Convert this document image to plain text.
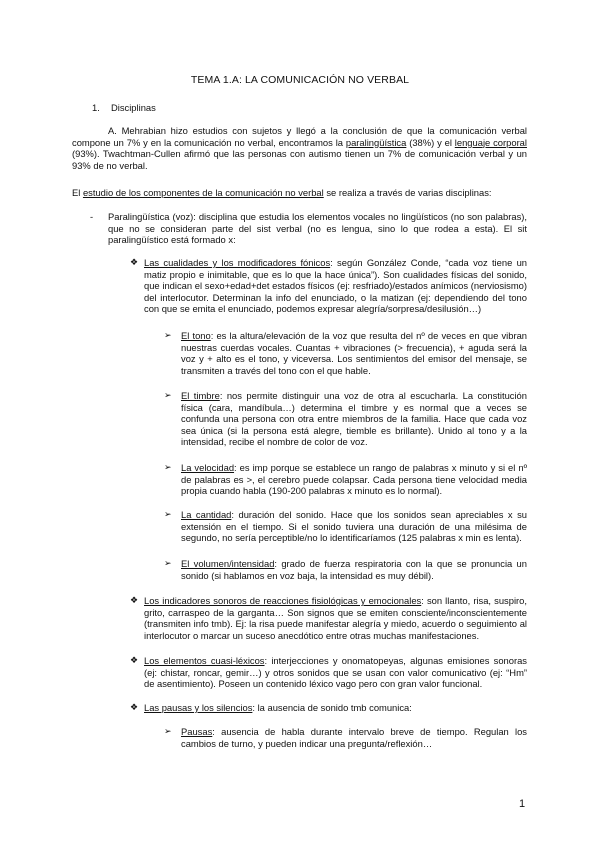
TEMA 1.A: LA COMUNICACIÓN NO VERBAL
1. Disciplinas
A. Mehrabian hizo estudios con sujetos y llegó a la conclusión de que la comunicación verbal compone un 7% y en la comunicación no verbal, encontramos la paralingüística (38%) y el lenguaje corporal (93%). Twachtman-Cullen afirmó que las personas con autismo tienen un 7% de comunicación verbal y un 93% de no verbal.
El estudio de los componentes de la comunicación no verbal se realiza a través de varias disciplinas:
- Paralingüística (voz): disciplina que estudia los elementos vocales no lingüísticos (no son palabras), que no se consideran parte del sist verbal (no es lengua, sino lo que rodea a esta). El sit paralingüístico está formado x:
❖ Las cualidades y los modificadores fónicos: según González Conde, “cada voz tiene un matiz propio e inimitable, que es lo que la hace única”). Son cualidades físicas del sonido, que indican el sexo+edad+det estados físicos (ej: resfriado)/estados anímicos (nerviosismo) del interlocutor. Determinan la info del enunciado, o la matizan (ej: dependiendo del tono con que se emita el enunciado, podemos expresar alegría/sorpresa/desilusión…)
➢ El tono: es la altura/elevación de la voz que resulta del nº de veces en que vibran nuestras cuerdas vocales. Cuantas + vibraciones (> frecuencia), + aguda será la voz y + alto es el tono, y viceversa. Los sentimientos del emisor del mensaje, se transmiten a través del tono con el que hable.
➢ El timbre: nos permite distinguir una voz de otra al escucharla. La constitución física (cara, mandíbula…) determina el timbre y es normal que a veces se confunda una persona con otra entre miembros de la familia. Hace que cada voz sea única (si la persona está alegre, tiemble es brillante). Unido al tono y a la intensidad, recibe el nombre de color de voz.
➢ La velocidad: es imp porque se establece un rango de palabras x minuto y si el nº de palabras es >, el cerebro puede colapsar. Cada persona tiene velocidad media propia cuando habla (190-200 palabras x minuto es lo normal).
➢ La cantidad: duración del sonido. Hace que los sonidos sean apreciables x su extensión en el tiempo. Si el sonido tuviera una duración de una milésima de segundo, no sería perceptible/no lo identificaríamos (125 palabras x min es lenta).
➢ El volumen/intensidad: grado de fuerza respiratoria con la que se pronuncia un sonido (si hablamos en voz baja, la intensidad es muy débil).
❖ Los indicadores sonoros de reacciones fisiológicas y emocionales: son llanto, risa, suspiro, grito, carraspeo de la garganta… Son signos que se emiten consciente/inconscientemente (transmiten info tmb). Ej: la risa puede manifestar alegría y miedo, acuerdo o seguimiento al interlocutor o marcar un suceso anecdótico entre otras muchas manifestaciones.
❖ Los elementos cuasi-léxicos: interjecciones y onomatopeyas, algunas emisiones sonoras (ej: chistar, roncar, gemir…) y otros sonidos que se usan con valor comunicativo (ej: “Hm” de asentimiento). Poseen un contenido léxico vago pero con gran valor funcional.
❖ Las pausas y los silencios: la ausencia de sonido tmb comunica:
➢ Pausas: ausencia de habla durante intervalo breve de tiempo. Regulan los cambios de turno, y pueden indicar una pregunta/reflexión…
1
